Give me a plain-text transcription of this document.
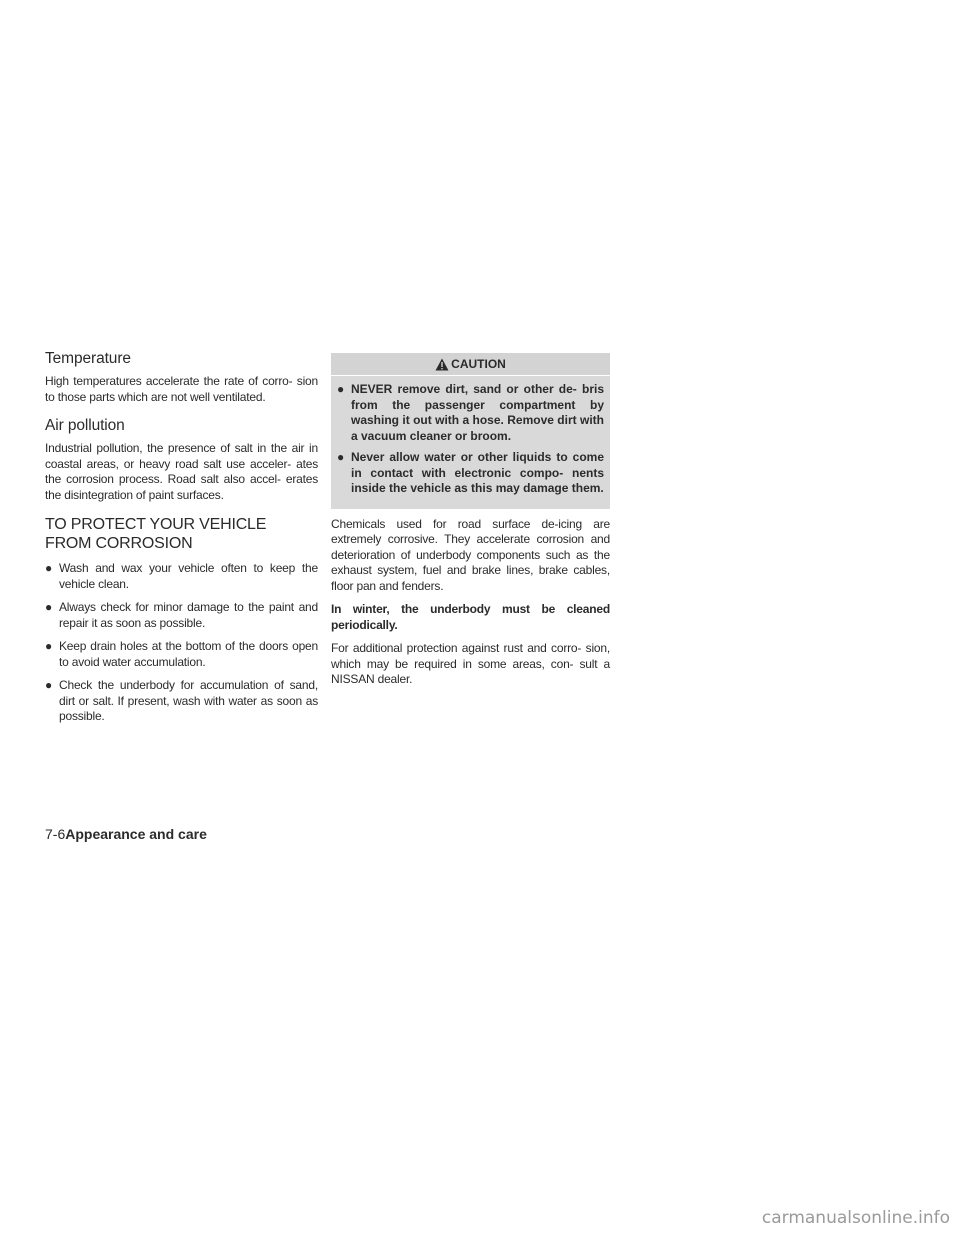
Temperature

High temperatures accelerate the rate of corro- sion to those parts which are not well ventilated.

Air pollution

Industrial pollution, the presence of salt in the air in coastal areas, or heavy road salt use acceler- ates the corrosion process. Road salt also accel- erates the disintegration of paint surfaces.

TO PROTECT YOUR VEHICLE
FROM CORROSION
● Wash and wax your vehicle often to keep the vehicle clean.
● Always check for minor damage to the paint and repair it as soon as possible.
● Keep drain holes at the bottom of the doors open to avoid water accumulation.
● Check the underbody for accumulation of sand, dirt or salt. If present, wash with water as soon as possible.
CAUTION
● NEVER remove dirt, sand or other de- bris from the passenger compartment by washing it out with a hose. Remove dirt with a vacuum cleaner or broom.
● Never allow water or other liquids to come in contact with electronic compo- nents inside the vehicle as this may damage them.

Chemicals used for road surface de-icing are extremely corrosive. They accelerate corrosion and deterioration of underbody components such as the exhaust system, fuel and brake lines, brake cables, floor pan and fenders.

In winter, the underbody must be cleaned periodically.

For additional protection against rust and corro- sion, which may be required in some areas, con- sult a NISSAN dealer.

7-6Appearance and care
carmanualsonline.info
